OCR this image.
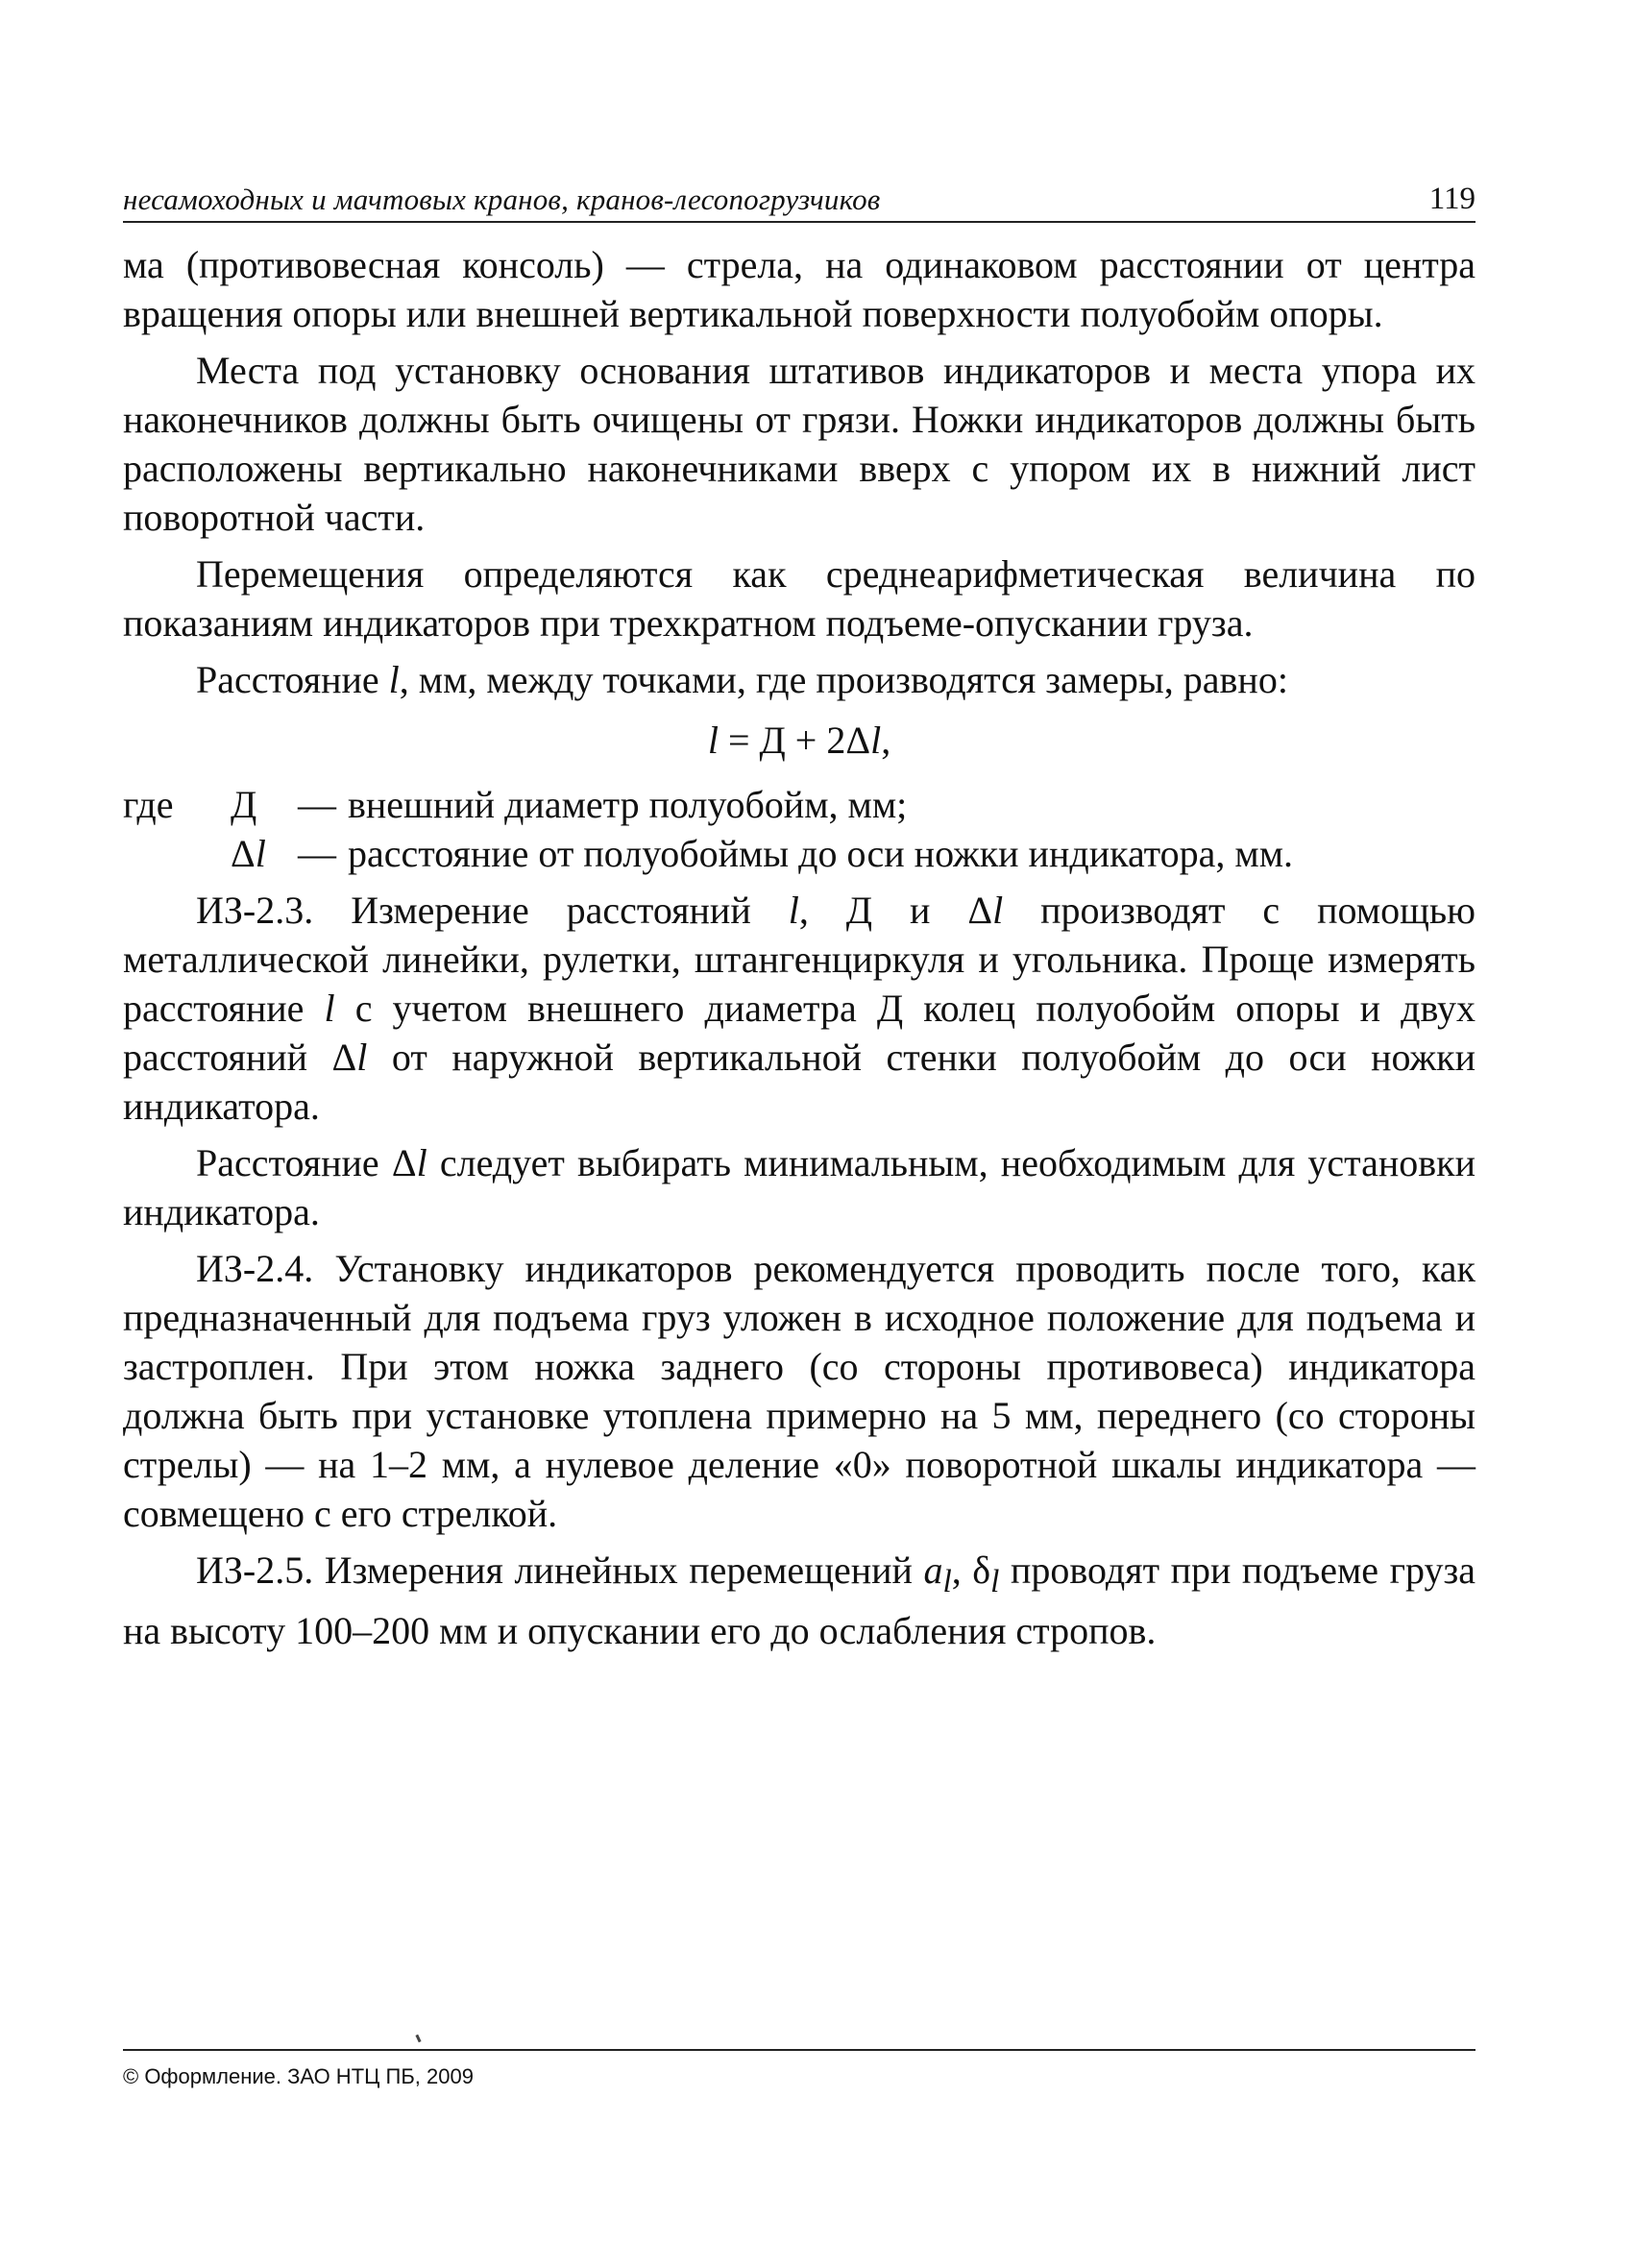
несамоходных и мачтовых кранов, кранов-лесопогрузчиков	119

ма (противовесная консоль) — стрела, на одинаковом расстоянии от центра вращения опоры или внешней вертикальной поверхности полуобойм опоры.

Места под установку основания штативов индикаторов и места упора их наконечников должны быть очищены от грязи. Ножки индикаторов должны быть расположены вертикально наконечниками вверх с упором их в нижний лист поворотной части.

Перемещения определяются как среднеарифметическая величина по показаниям индикаторов при трехкратном подъеме-опускании груза.

Расстояние l, мм, между точками, где производятся замеры, равно:

l = Д + 2Δl,
где	Д	— внешний диаметр полуобойм, мм;
Δl — расстояние от полуобоймы до оси ножки индикатора, мм.

ИЗ-2.3. Измерение расстояний l, Д и Δl производят с помощью металлической линейки, рулетки, штангенциркуля и угольника. Проще измерять расстояние l с учетом внешнего диаметра Д колец полуобойм опоры и двух расстояний Δl от наружной вертикальной стенки полуобойм до оси ножки индикатора.

Расстояние Δl следует выбирать минимальным, необходимым для установки индикатора.

ИЗ-2.4. Установку индикаторов рекомендуется проводить после того, как предназначенный для подъема груз уложен в исходное положение для подъема и застроплен. При этом ножка заднего (со стороны противовеса) индикатора должна быть при установке утоплена примерно на 5 мм, переднего (со стороны стрелы) — на 1–2 мм, а нулевое деление «0» поворотной шкалы индикатора — совмещено с его стрелкой.

ИЗ-2.5. Измерения линейных перемещений $a_l$, $\delta_l$ проводят при подъеме груза на высоту 100–200 мм и опускании его до ослабления стропов.

© Оформление. ЗАО НТЦ ПБ, 2009
